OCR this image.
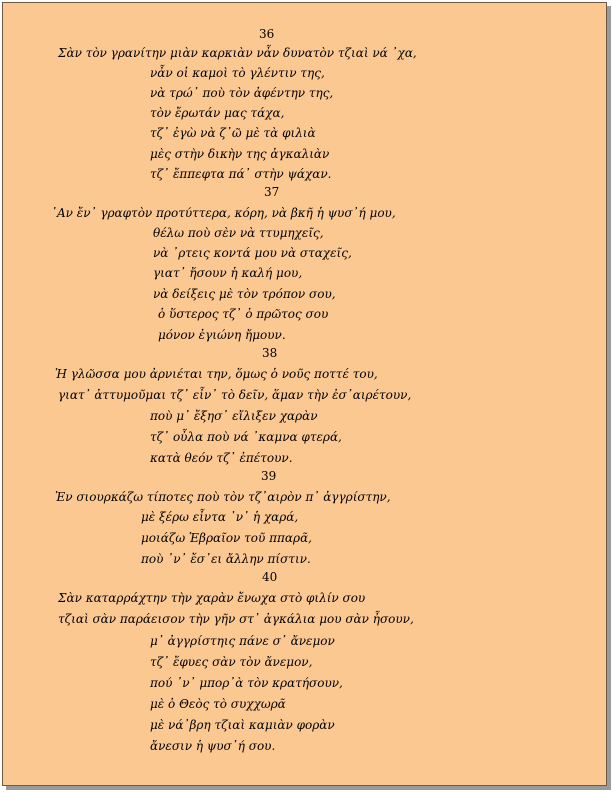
36
Σὰν τὸν γρανίτην μιὰν καρκιὰν νἆν δυνατὸν τζιαὶ νά ᾿χα,
νἆν οἱ καμοὶ τὸ γλέντιν της,
νὰ τρώ᾿ ποὺ τὸν ἀφέντην της,
τὸν ἔρωτάν μας τάχα,
τζ᾿ ἐγὼ νὰ ζ᾿ῶ μὲ τὰ φιλιὰ
μὲς στὴν δικὴν της ἀγκαλιὰν
τζ᾿ ἔππεφτα πά᾿ στὴν ψάχαν.
37
᾿Αν ἔν᾿ γραφτὸν προτύττερα, κόρη, νὰ βκῆ ἡ ψυσ᾿ή μου,
θέλω ποὺ σὲν νὰ ττυμηχεῖς,
νὰ ᾿ρτεις κοντά μου νὰ σταχεῖς,
γιατ᾿ ἤσουν ἡ καλή μου,
νὰ δείξεις μὲ τὸν τρόπον σου,
ὁ ὕστερος τζ᾿ ὁ πρῶτος σου
μόνον ἐγιώνη ἤμουν.
38
Ἡ γλῶσσα μου ἀρνιέται την, ὅμως ὁ νοῦς ποττέ του,
γιατ᾿ ἀττυμοῦμαι τζ᾿ εἶν᾿ τὸ δεῖν, ἅμαν τὴν ἐσ᾿αιρέτουν,
ποὺ μ᾿ ἔξησ᾿ εἴλιξεν χαρὰν
τζ᾿ οὖλα ποὺ νά ᾿καμνα φτερά,
κατὰ θεόν τζ᾿ ἐπέτουν.
39
Ἐν σιουρκάζω τίποτες ποὺ τὸν τζ᾿αιρὸν π᾿ ἀγγρίστην,
μὲ ξέρω εἶντα ᾿ν᾿ ἡ χαρά,
μοιάζω Ἑβραῖον τοῦ ππαρᾶ,
ποὺ ᾿ν᾿ ἔσ᾿ει ἄλλην πίστιν.
40
Σὰν καταρράχτην τὴν χαρὰν ἔνωχα στὸ φιλίν σου
τζιαὶ σὰν παράεισον τὴν γῆν στ᾿ ἀγκάλια μου σὰν ἦσουν,
μ᾿ ἀγγρίστηις πάνε σ᾿ ἄνεμον
τζ᾿ ἔφυες σὰν τὸν ἄνεμον,
πού ᾿ν᾿ μπορ᾿ὰ τὸν κρατήσουν,
μὲ ὁ Θεὸς τὸ συχχωρᾶ
μὲ νά᾿βρη τζιαὶ καμιὰν φορὰν
ἄνεσιν ἡ ψυσ᾿ή σου.
